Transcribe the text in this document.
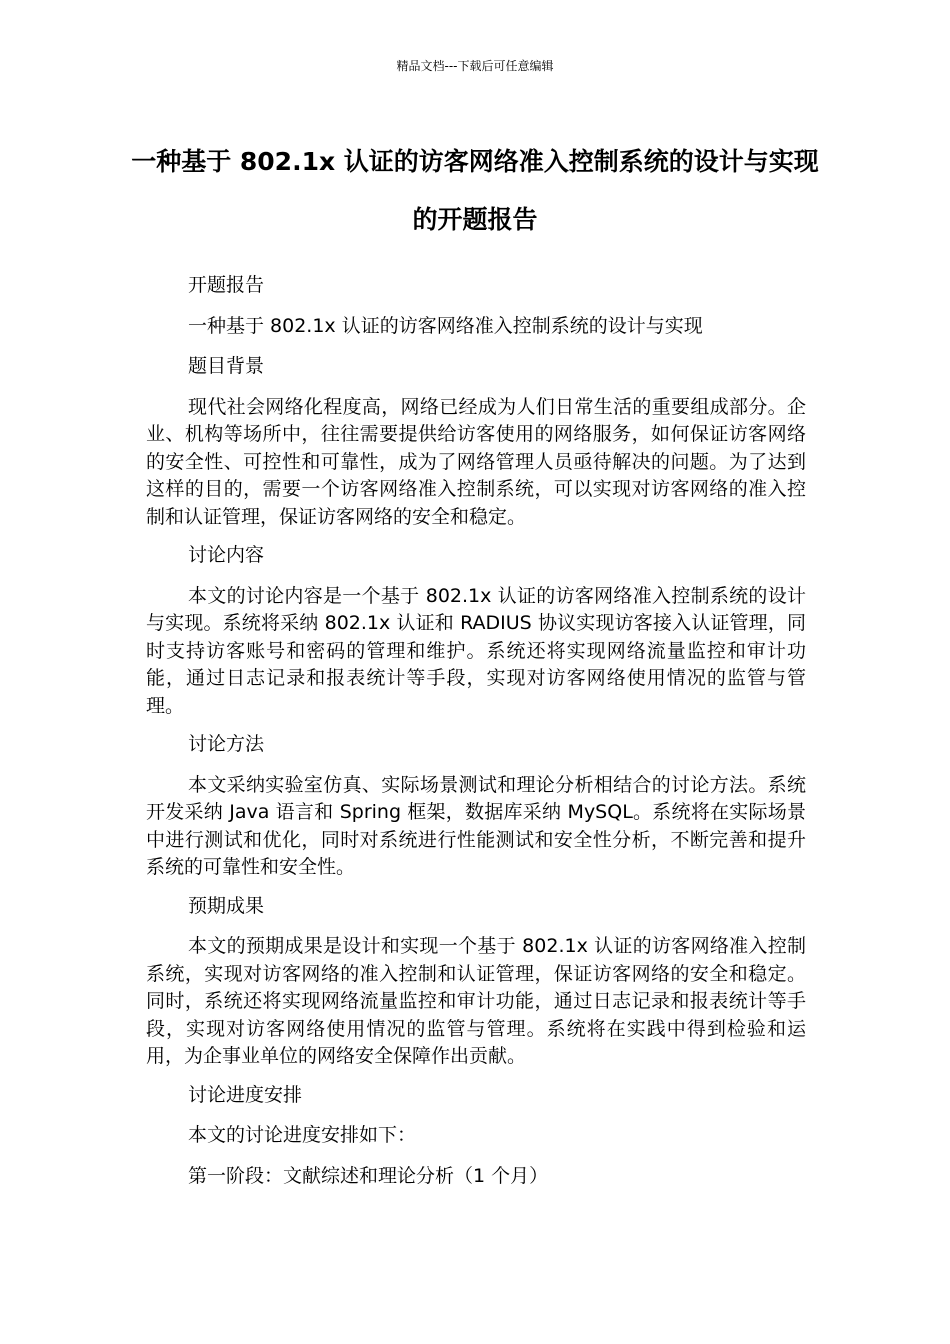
精品文档---下载后可任意编辑
一种基于 802.1x 认证的访客网络准入控制系统的设计与实现的开题报告
开题报告
一种基于 802.1x 认证的访客网络准入控制系统的设计与实现
题目背景
现代社会网络化程度高，网络已经成为人们日常生活的重要组成部分。企业、机构等场所中，往往需要提供给访客使用的网络服务，如何保证访客网络的安全性、可控性和可靠性，成为了网络管理人员亟待解决的问题。为了达到这样的目的，需要一个访客网络准入控制系统，可以实现对访客网络的准入控制和认证管理，保证访客网络的安全和稳定。
讨论内容
本文的讨论内容是一个基于 802.1x 认证的访客网络准入控制系统的设计与实现。系统将采纳 802.1x 认证和 RADIUS 协议实现访客接入认证管理，同时支持访客账号和密码的管理和维护。系统还将实现网络流量监控和审计功能，通过日志记录和报表统计等手段，实现对访客网络使用情况的监管与管理。
讨论方法
本文采纳实验室仿真、实际场景测试和理论分析相结合的讨论方法。系统开发采纳 Java 语言和 Spring 框架，数据库采纳 MySQL。系统将在实际场景中进行测试和优化，同时对系统进行性能测试和安全性分析，不断完善和提升系统的可靠性和安全性。
预期成果
本文的预期成果是设计和实现一个基于 802.1x 认证的访客网络准入控制系统，实现对访客网络的准入控制和认证管理，保证访客网络的安全和稳定。同时，系统还将实现网络流量监控和审计功能，通过日志记录和报表统计等手段，实现对访客网络使用情况的监管与管理。系统将在实践中得到检验和运用，为企事业单位的网络安全保障作出贡献。
讨论进度安排
本文的讨论进度安排如下：
第一阶段：文献综述和理论分析（1 个月）
